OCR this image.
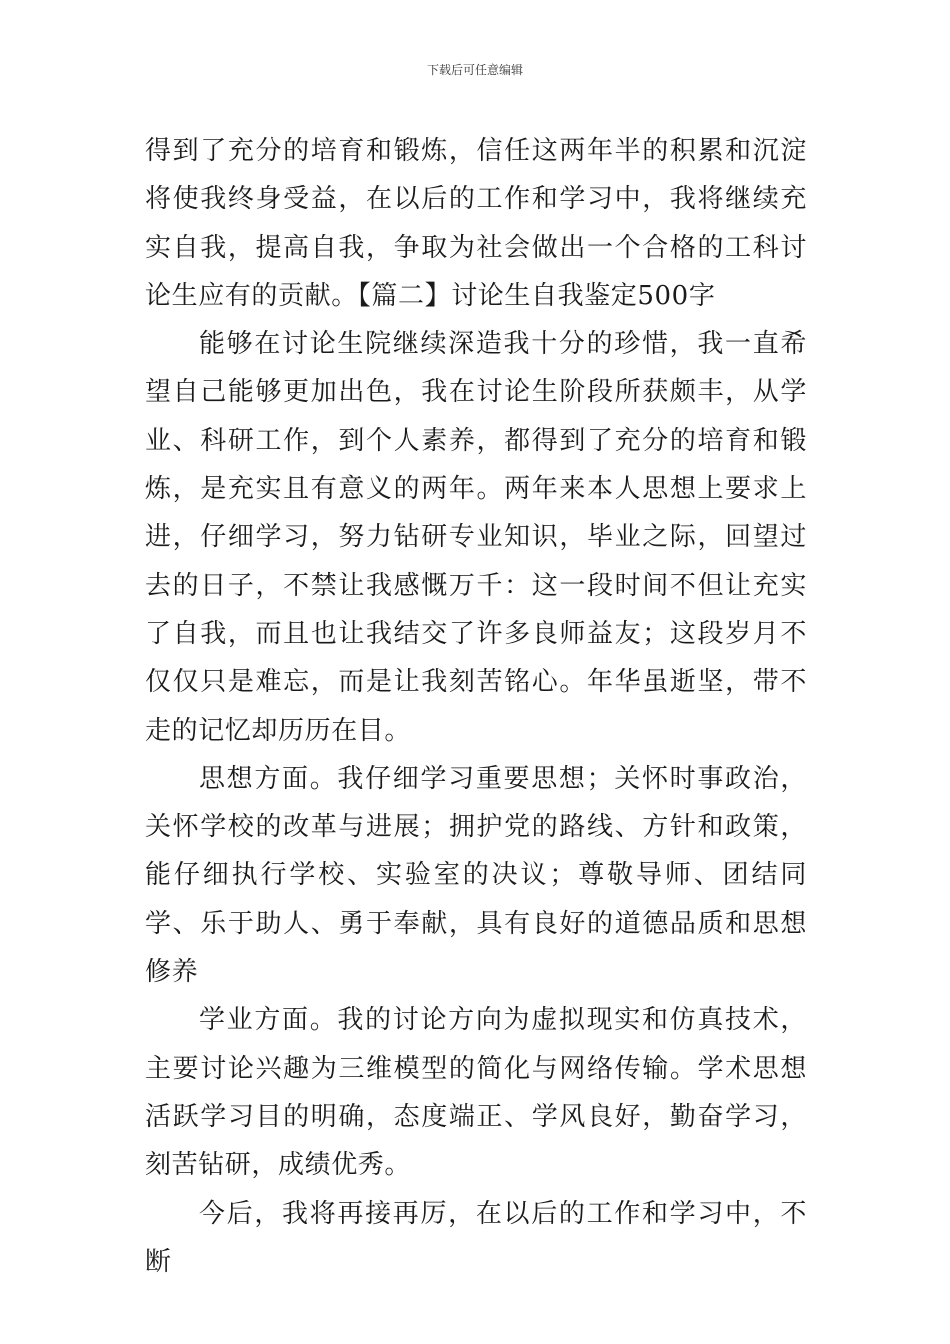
下载后可任意编辑

得到了充分的培育和锻炼，信任这两年半的积累和沉淀将使我终身受益，在以后的工作和学习中，我将继续充实自我，提高自我，争取为社会做出一个合格的工科讨论生应有的贡献。【篇二】讨论生自我鉴定500字

能够在讨论生院继续深造我十分的珍惜，我一直希望自己能够更加出色，我在讨论生阶段所获颇丰，从学业、科研工作，到个人素养，都得到了充分的培育和锻炼，是充实且有意义的两年。两年来本人思想上要求上进，仔细学习，努力钻研专业知识，毕业之际，回望过去的日子，不禁让我感慨万千：这一段时间不但让充实了自我，而且也让我结交了许多良师益友；这段岁月不仅仅只是难忘，而是让我刻苦铭心。年华虽逝坚，带不走的记忆却历历在目。

思想方面。我仔细学习重要思想；关怀时事政治，关怀学校的改革与进展；拥护党的路线、方针和政策，能仔细执行学校、实验室的决议；尊敬导师、团结同学、乐于助人、勇于奉献，具有良好的道德品质和思想修养

学业方面。我的讨论方向为虚拟现实和仿真技术，主要讨论兴趣为三维模型的简化与网络传输。学术思想活跃学习目的明确，态度端正、学风良好，勤奋学习，刻苦钻研，成绩优秀。

今后，我将再接再厉，在以后的工作和学习中，不断
